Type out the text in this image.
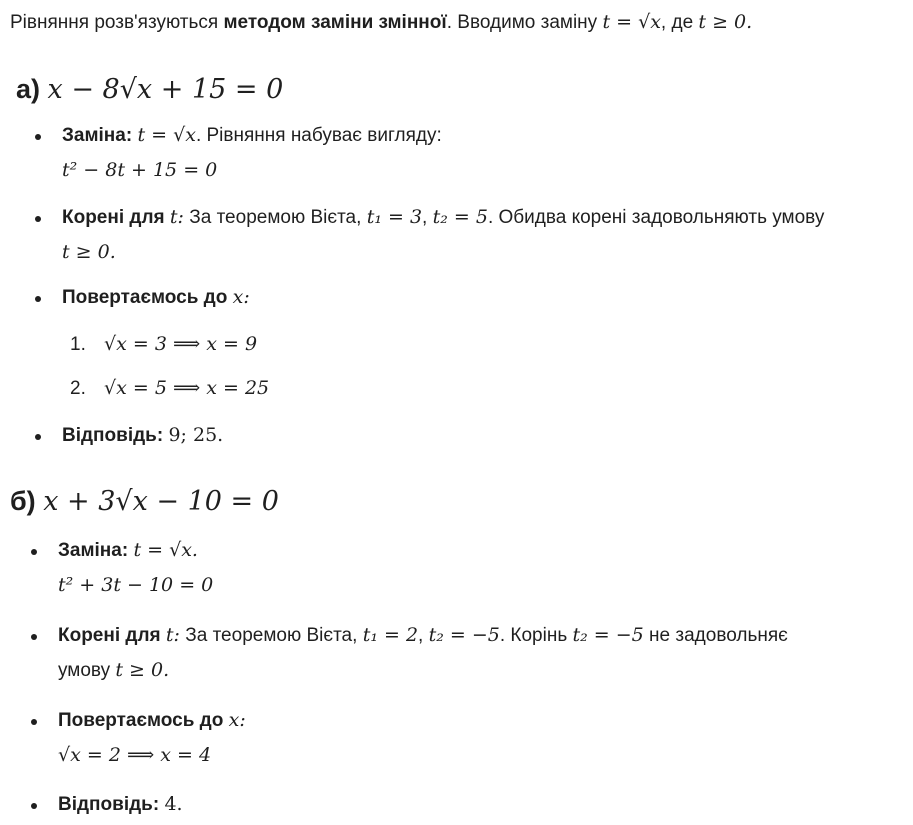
Рівняння розв'язуються методом заміни змінної. Вводимо заміну t = √x, де t ≥ 0.
а) x − 8√x + 15 = 0
Заміна: t = √x. Рівняння набуває вигляду:
t² − 8t + 15 = 0
Корені для t: За теоремою Вієта, t₁ = 3, t₂ = 5. Обидва корені задовольняють умову
t ≥ 0.
Повертаємось до x:
1. √x = 3 ⟹ x = 9
2. √x = 5 ⟹ x = 25
Відповідь: 9; 25.
б) x + 3√x − 10 = 0
Заміна: t = √x.
t² + 3t − 10 = 0
Корені для t: За теоремою Вієта, t₁ = 2, t₂ = −5. Корінь t₂ = −5 не задовольняє
умову t ≥ 0.
Повертаємось до x:
√x = 2 ⟹ x = 4
Відповідь: 4.
